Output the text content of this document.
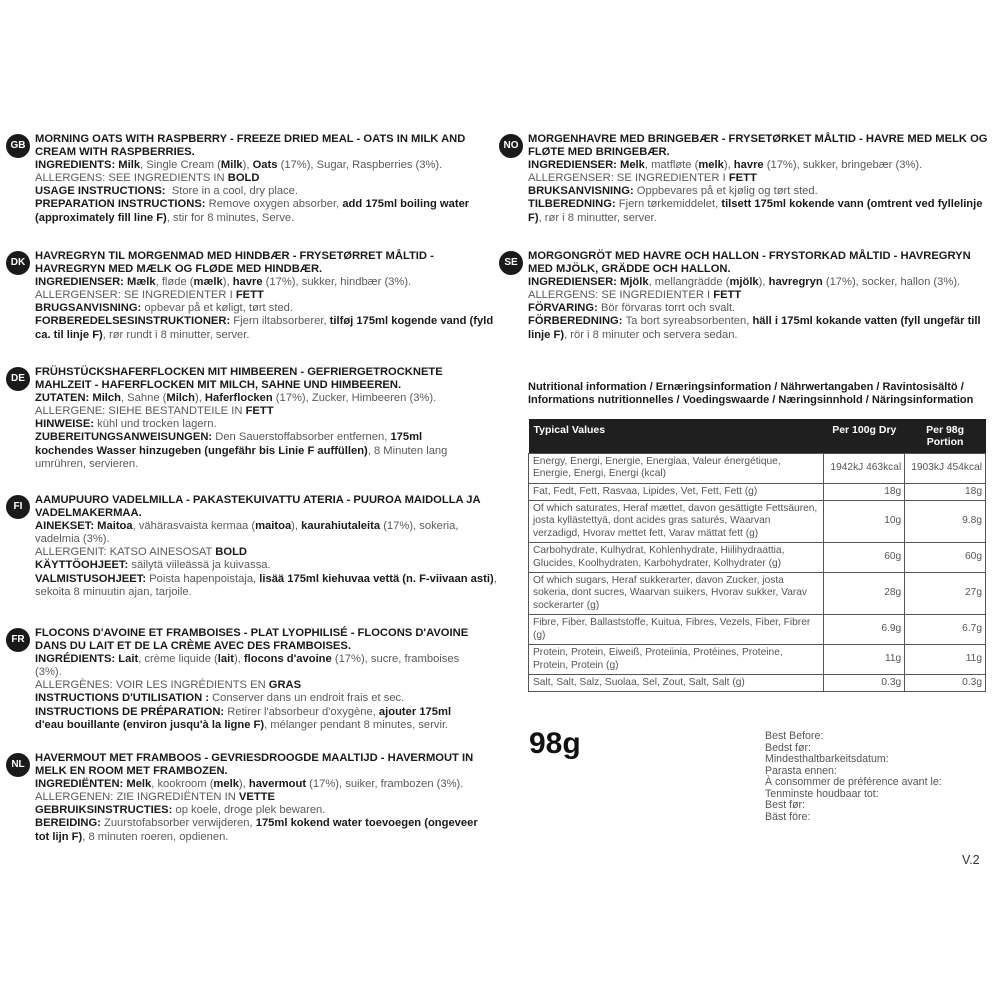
GB
MORNING OATS WITH RASPBERRY - FREEZE DRIED MEAL - OATS IN MILK AND CREAM WITH RASPBERRIES.
INGREDIENTS: Milk, Single Cream (Milk), Oats (17%), Sugar, Raspberries (3%).
ALLERGENS: SEE INGREDIENTS IN BOLD
USAGE INSTRUCTIONS:  Store in a cool, dry place.
PREPARATION INSTRUCTIONS: Remove oxygen absorber, add 175ml boiling water (approximately fill line F), stir for 8 minutes, Serve.
DK
HAVREGRYN TIL MORGENMAD MED HINDBÆR - FRYSETØRRET MÅLTID - HAVREGRYN MED MÆLK OG FLØDE MED HINDBÆR.
INGREDIENSER: Mælk, fløde (mælk), havre (17%), sukker, hindbær (3%).
ALLERGENSER: SE INGREDIENTER I FETT
BRUGSANVISNING: opbevar på et køligt, tørt sted.
FORBEREDELSESINSTRUKTIONER: Fjern iltabsorberer, tilføj 175ml kogende vand (fyld ca. til linje F), rør rundt i 8 minutter, server.
DE
FRÜHSTÜCKSHAFERFLOCKEN MIT HIMBEEREN - GEFRIERGETROCKNETE MAHLZEIT - HAFERFLOCKEN MIT MILCH, SAHNE UND HIMBEEREN.
ZUTATEN: Milch, Sahne (Milch), Haferflocken (17%), Zucker, Himbeeren (3%).
ALLERGENE: SIEHE BESTANDTEILE IN FETT
HINWEISE: kühl und trocken lagern.
ZUBEREITUNGSANWEISUNGEN: Den Sauerstoffabsorber entfernen, 175ml kochendes Wasser hinzugeben (ungefähr bis Linie F auffüllen), 8 Minuten lang umrühren, servieren.
FI
AAMUPUURO VADELMILLA - PAKASTEKUIVATTU ATERIA - PUUROA MAIDOLLA JA VADELMAKERMAA.
AINEKSET: Maitoa, vähärasvaista kermaa (maitoa), kaurahiutaleita (17%), sokeria, vadelmia (3%).
ALLERGENIT: KATSO AINESOSAT BOLD
KÄYTTÖOHJEET: säilytä viileässä ja kuivassa.
VALMISTUSOHJEET: Poista hapenpoistaja, lisää 175ml kiehuvaa vettä (n. F-viivaan asti), sekoita 8 minuutin ajan, tarjoile.
FR
FLOCONS D'AVOINE ET FRAMBOISES - PLAT LYOPHILISÉ - FLOCONS D'AVOINE DANS DU LAIT ET DE LA CRÈME AVEC DES FRAMBOISES.
INGRÉDIENTS: Lait, crème liquide (lait), flocons d'avoine (17%), sucre, framboises (3%).
ALLERGÈNES: VOIR LES INGRÉDIENTS EN GRAS
INSTRUCTIONS D'UTILISATION : Conserver dans un endroit frais et sec.
INSTRUCTIONS DE PRÉPARATION: Retirer l'absorbeur d'oxygène, ajouter 175ml d'eau bouillante (environ jusqu'à la ligne F), mélanger pendant 8 minutes, servir.
NL
HAVERMOUT MET FRAMBOOS - GEVRIESDROOGDE MAALTIJD - HAVERMOUT IN MELK EN ROOM MET FRAMBOZEN.
INGREDIËNTEN: Melk, kookroom (melk), havermout (17%), suiker, frambozen (3%).
ALLERGENEN: ZIE INGREDIËNTEN IN VETTE
GEBRUIKSINSTRUCTIES: op koele, droge plek bewaren.
BEREIDING: Zuurstofabsorber verwijderen, 175ml kokend water toevoegen (ongeveer tot lijn F), 8 minuten roeren, opdienen.
NO
MORGENHAVRE MED BRINGEBÆR - FRYSETØRKET MÅLTID - HAVRE MED MELK OG FLØTE MED BRINGEBÆR.
INGREDIENSER: Melk, matfløte (melk), havre (17%), sukker, bringebær (3%).
ALLERGENSER: SE INGREDIENTER I FETT
BRUKSANVISNING: Oppbevares på et kjølig og tørt sted.
TILBEREDNING: Fjern tørkemiddelet, tilsett 175ml kokende vann (omtrent ved fyllelinje F), rør i 8 minutter, server.
SE
MORGONGRÖT MED HAVRE OCH HALLON - FRYSTORKAD MÅLTID - HAVREGRYN MED MJÖLK, GRÄDDE OCH HALLON.
INGREDIENSER: Mjölk, mellangrädde (mjölk), havregryn (17%), socker, hallon (3%).
ALLERGENS: SE INGREDIENTER I FETT
FÖRVARING: Bör förvaras torrt och svalt.
FÖRBEREDNING: Ta bort syreabsorbenten, häll i 175ml kokande vatten (fyll ungefär till linje F), rör i 8 minuter och servera sedan.
Nutritional information / Ernæringsinformation / Nährwertangaben / Ravintosisältö / Informations nutritionnelles / Voedingswaarde / Næringsinnhold / Näringsinformation
Typical Values	Per 100g Dry	Per 98g Portion
Energy, Energi, Energie, Energiaa, Valeur énergétique, Energie, Energi, Energi (kcal)	1942kJ 463kcal	1903kJ 454kcal
Fat, Fedt, Fett, Rasvaa, Lipides, Vet, Fett, Fett (g)	18g	18g
Of which saturates, Heraf mættet, davon gesättigte Fettsäuren, josta kyllästettyä, dont acides gras saturés, Waarvan verzadigd, Hvorav mettet fett, Varav mättat fett (g)	10g	9.8g
Carbohydrate, Kulhydrat, Kohlenhydrate, Hiilihydraattia, Glucides, Koolhydraten, Karbohydrater, Kolhydrater (g)	60g	60g
Of which sugars, Heraf sukkerarter, davon Zucker, josta sokeria, dont sucres, Waarvan suikers, Hvorav sukker, Varav sockerarter (g)	28g	27g
Fibre, Fiber, Ballaststoffe, Kuitua, Fibres, Vezels, Fiber, Fibrer (g)	6.9g	6.7g
Protein, Protein, Eiweiß, Proteiinia, Protéines, Proteine, Protein, Protein (g)	11g	11g
Salt, Salt, Salz, Suolaa, Sel, Zout, Salt, Salt (g)	0.3g	0.3g
98g	Best Before:
Bedst før:
Mindesthaltbarkeitsdatum:
Parasta ennen:
À consommer de préférence avant le:
Tenminste houdbaar tot:
Best før:
Bäst före:
V.2
